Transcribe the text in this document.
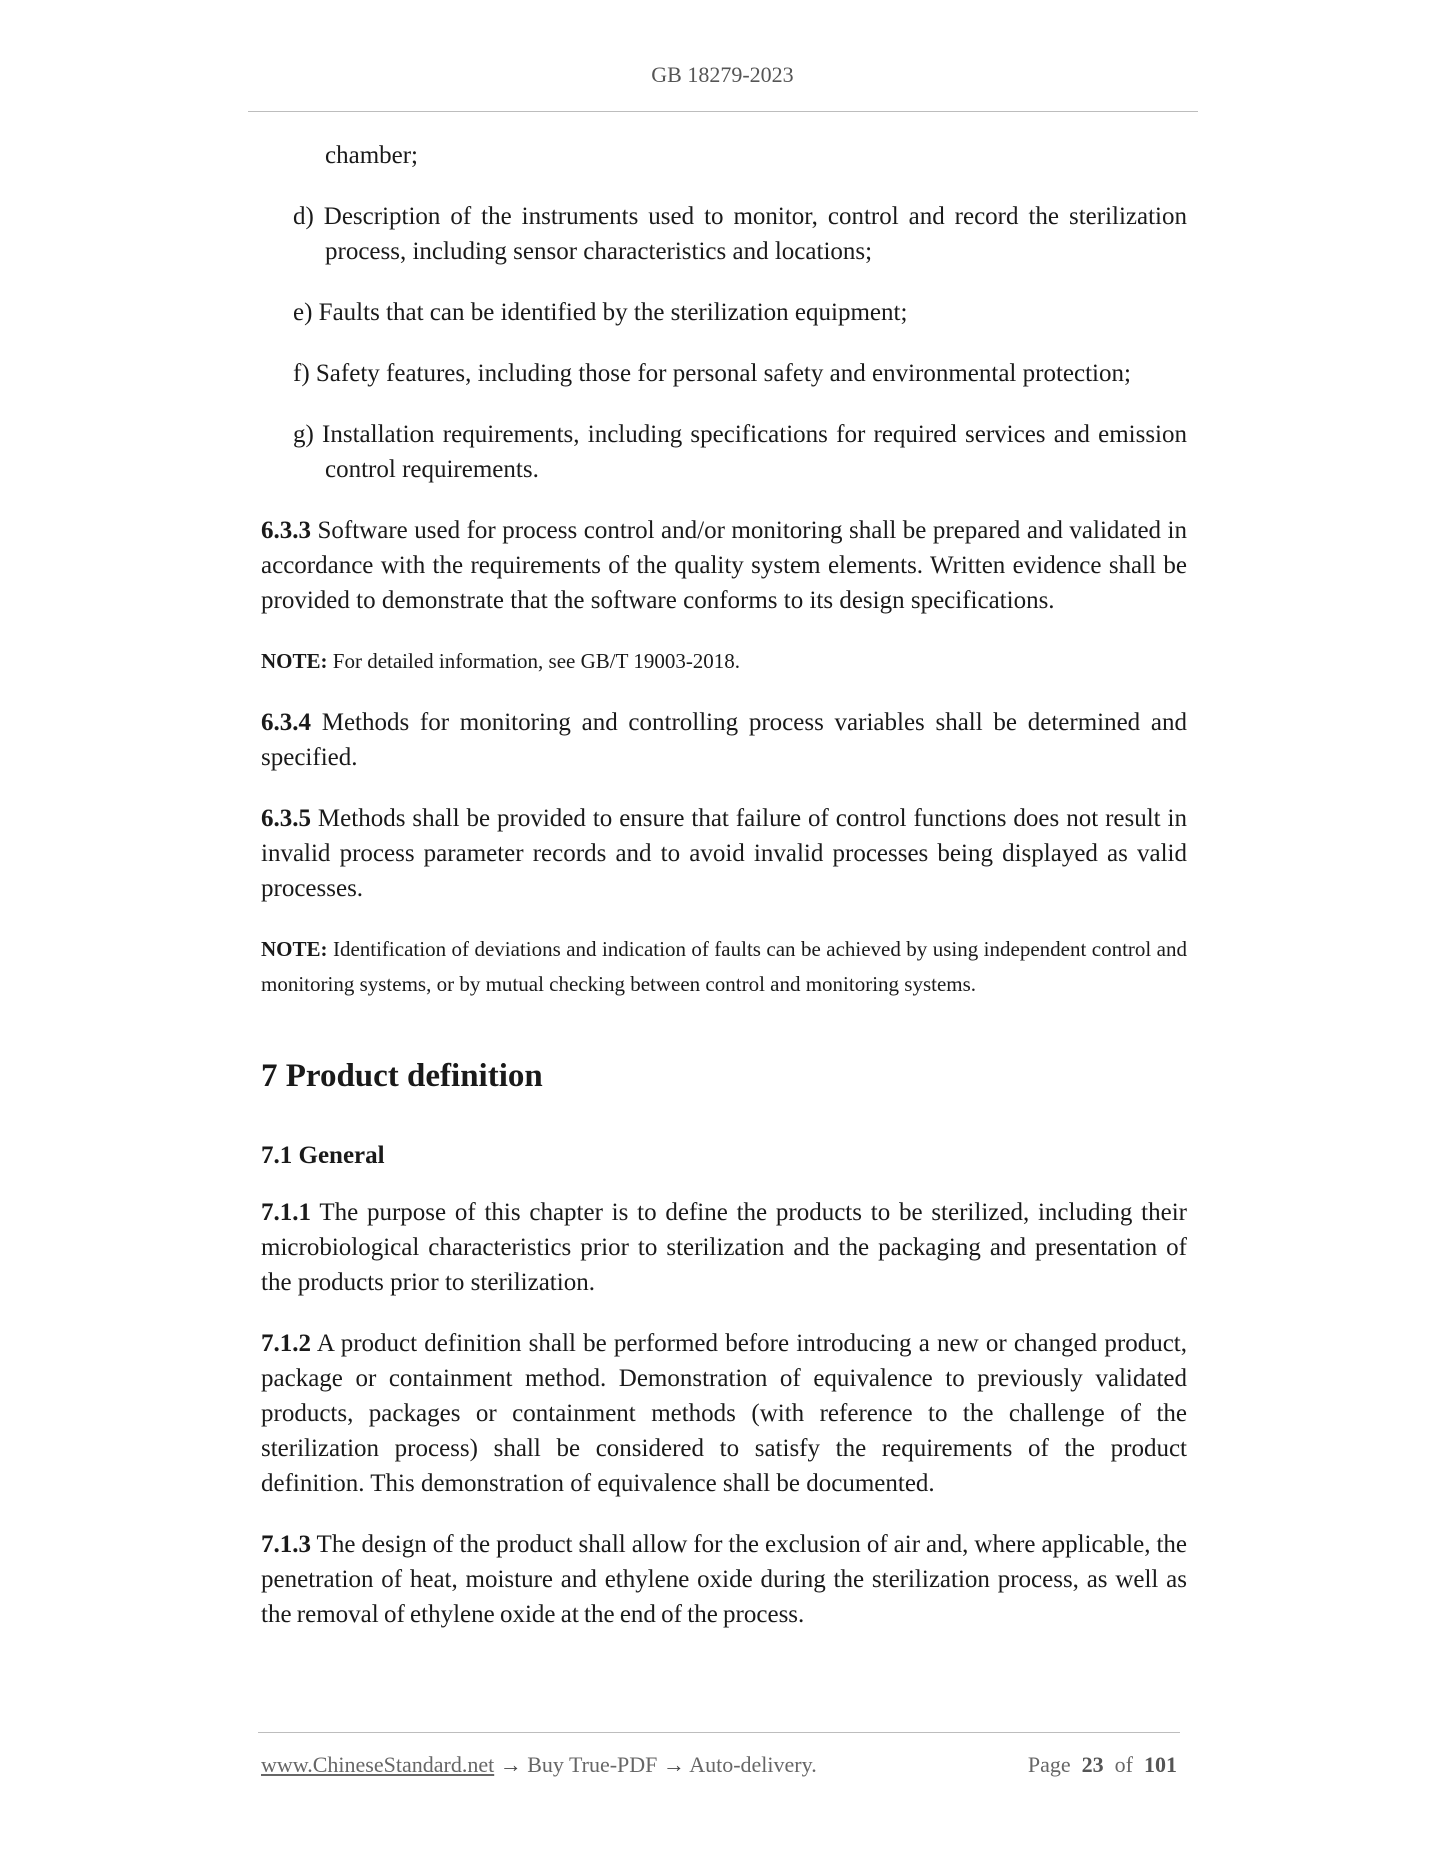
GB 18279-2023

chamber;

d) Description of the instruments used to monitor, control and record the sterilization process, including sensor characteristics and locations;

e) Faults that can be identified by the sterilization equipment;

f) Safety features, including those for personal safety and environmental protection;

g) Installation requirements, including specifications for required services and emission control requirements.

6.3.3 Software used for process control and/or monitoring shall be prepared and validated in accordance with the requirements of the quality system elements. Written evidence shall be provided to demonstrate that the software conforms to its design specifications.

NOTE: For detailed information, see GB/T 19003-2018.

6.3.4 Methods for monitoring and controlling process variables shall be determined and specified.

6.3.5 Methods shall be provided to ensure that failure of control functions does not result in invalid process parameter records and to avoid invalid processes being displayed as valid processes.

NOTE: Identification of deviations and indication of faults can be achieved by using independent control and monitoring systems, or by mutual checking between control and monitoring systems.

7 Product definition
7.1 General

7.1.1 The purpose of this chapter is to define the products to be sterilized, including their microbiological characteristics prior to sterilization and the packaging and presentation of the products prior to sterilization.

7.1.2 A product definition shall be performed before introducing a new or changed product, package or containment method. Demonstration of equivalence to previously validated products, packages or containment methods (with reference to the challenge of the sterilization process) shall be considered to satisfy the requirements of the product definition. This demonstration of equivalence shall be documented.

7.1.3 The design of the product shall allow for the exclusion of air and, where applicable, the penetration of heat, moisture and ethylene oxide during the sterilization process, as well as the removal of ethylene oxide at the end of the process.

www.ChineseStandard.net → Buy True-PDF → Auto-delivery.	Page 23 of 101
